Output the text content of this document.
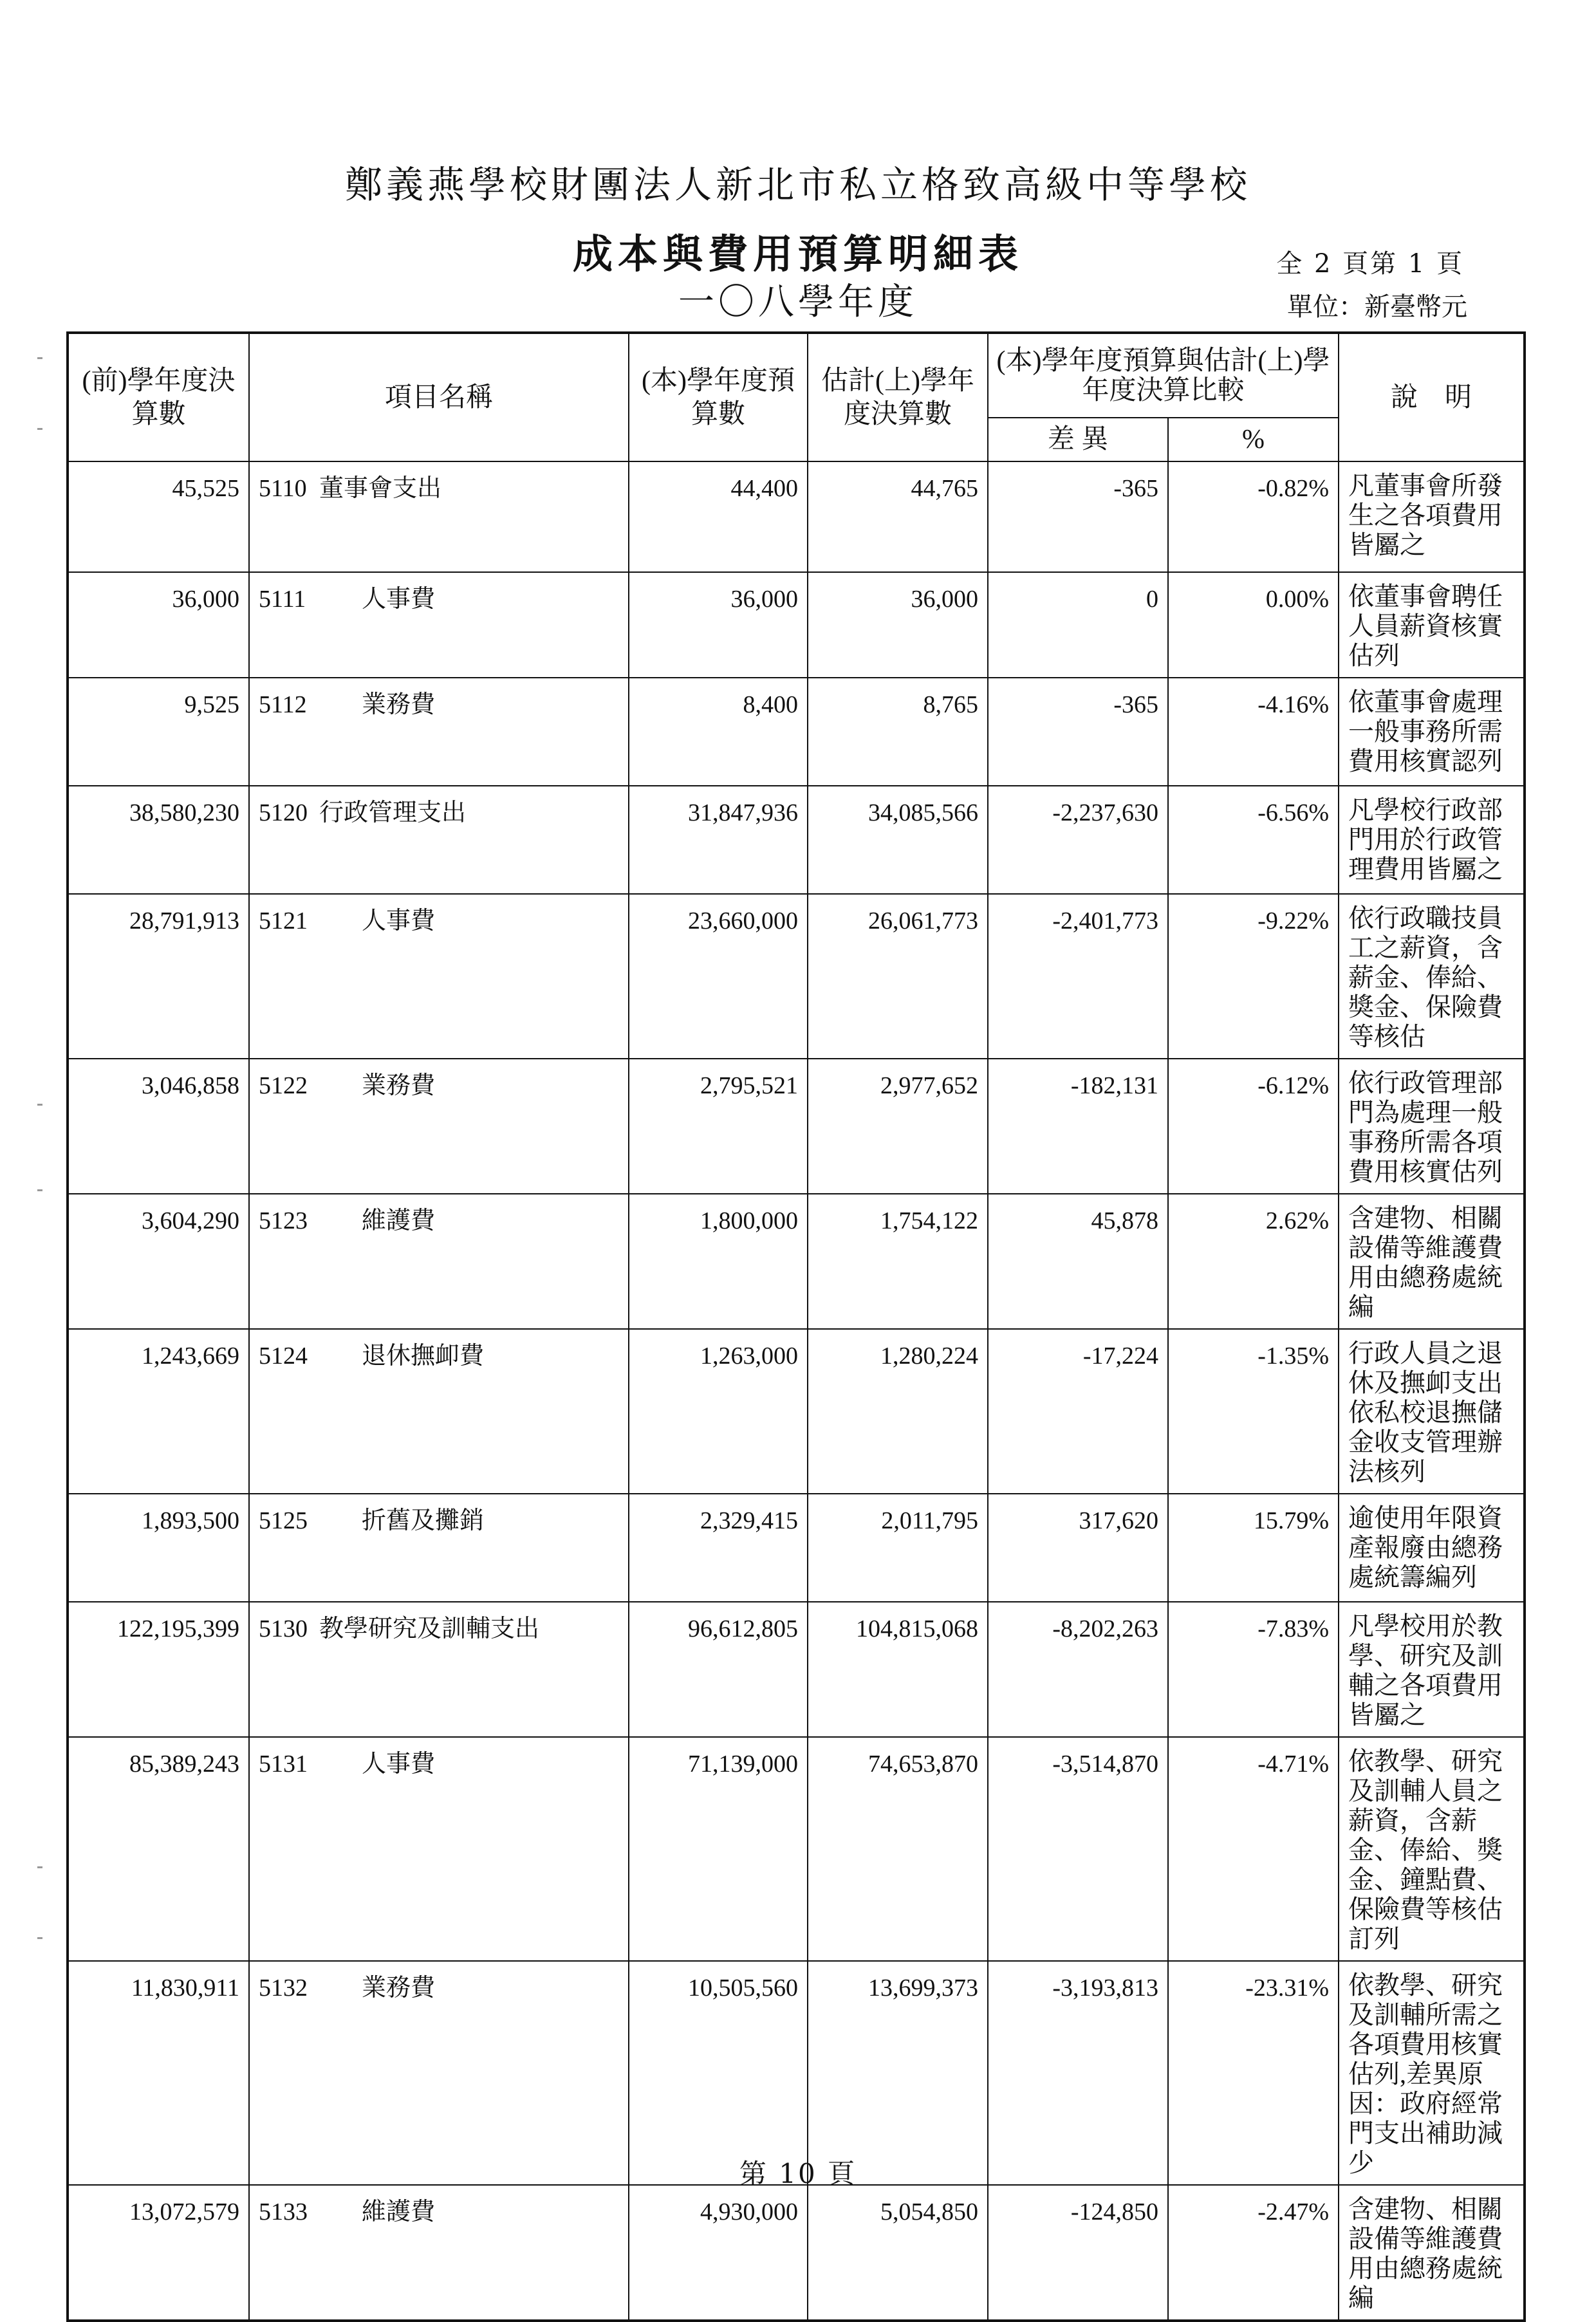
鄭義燕學校財團法人新北市私立格致高級中等學校
成本與費用預算明細表
一〇八學年度
全 2 頁第 1 頁
單位：新臺幣元
(前)學年度決算數	項目名稱		(本)學年度預算數	估計(上)學年度決算數	(本)學年度預算與估計(上)學年度決算比較		說　明
					差 異	%	
45,525	5110	董事會支出	44,400	44,765	-365	-0.82%	凡董事會所發生之各項費用皆屬之
36,000	5111	人事費	36,000	36,000	0	0.00%	依董事會聘任人員薪資核實估列
9,525	5112	業務費	8,400	8,765	-365	-4.16%	依董事會處理一般事務所需費用核實認列
38,580,230	5120	行政管理支出	31,847,936	34,085,566	-2,237,630	-6.56%	凡學校行政部門用於行政管理費用皆屬之
28,791,913	5121	人事費	23,660,000	26,061,773	-2,401,773	-9.22%	依行政職技員工之薪資，含薪金、俸給、獎金、保險費等核估
3,046,858	5122	業務費	2,795,521	2,977,652	-182,131	-6.12%	依行政管理部門為處理一般事務所需各項費用核實估列
3,604,290	5123	維護費	1,800,000	1,754,122	45,878	2.62%	含建物、相關設備等維護費用由總務處統編
1,243,669	5124	退休撫卹費	1,263,000	1,280,224	-17,224	-1.35%	行政人員之退休及撫卹支出依私校退撫儲金收支管理辦法核列
1,893,500	5125	折舊及攤銷	2,329,415	2,011,795	317,620	15.79%	逾使用年限資產報廢由總務處統籌編列
122,195,399	5130	教學研究及訓輔支出	96,612,805	104,815,068	-8,202,263	-7.83%	凡學校用於教學、研究及訓輔之各項費用皆屬之
85,389,243	5131	人事費	71,139,000	74,653,870	-3,514,870	-4.71%	依教學、研究及訓輔人員之薪資，含薪金、俸給、獎金、鐘點費、保險費等核估訂列
11,830,911	5132	業務費	10,505,560	13,699,373	-3,193,813	-23.31%	依教學、研究及訓輔所需之各項費用核實估列,差異原因：政府經常門支出補助減少
13,072,579	5133	維護費	4,930,000	5,054,850	-124,850	-2.47%	含建物、相關設備等維護費用由總務處統編
第 10 頁
